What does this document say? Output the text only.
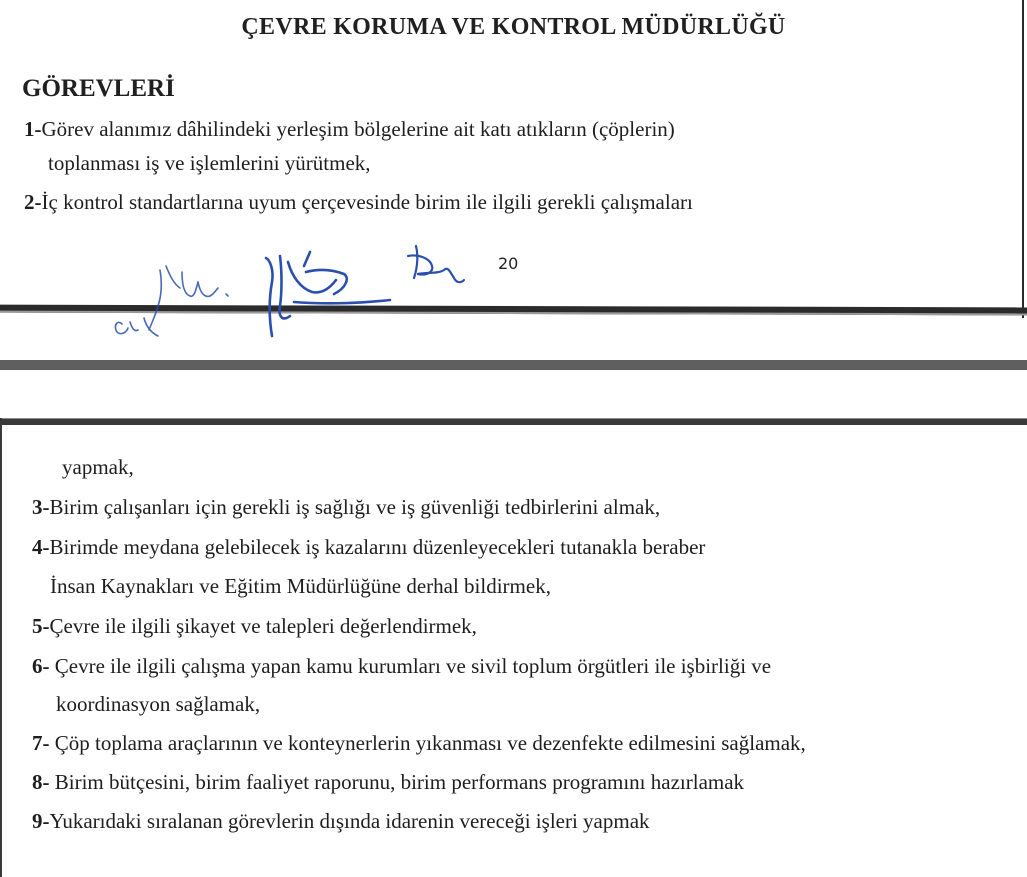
ÇEVRE KORUMA VE KONTROL MÜDÜRLÜĞÜ
GÖREVLERİ
1-Görev alanımız dâhilindeki yerleşim bölgelerine ait katı atıkların (çöplerin)
toplanması iş ve işlemlerini yürütmek,
2-İç kontrol standartlarına uyum çerçevesinde birim ile ilgili gerekli çalışmaları
20
yapmak,
3-Birim çalışanları için gerekli iş sağlığı ve iş güvenliği tedbirlerini almak,
4-Birimde meydana gelebilecek iş kazalarını düzenleyecekleri tutanakla beraber
İnsan Kaynakları ve Eğitim Müdürlüğüne derhal bildirmek,
5-Çevre ile ilgili şikayet ve talepleri değerlendirmek,
6- Çevre ile ilgili çalışma yapan kamu kurumları ve sivil toplum örgütleri ile işbirliği ve
koordinasyon sağlamak,
7- Çöp toplama araçlarının ve konteynerlerin yıkanması ve dezenfekte edilmesini sağlamak,
8- Birim bütçesini, birim faaliyet raporunu, birim performans programını hazırlamak
9-Yukarıdaki sıralanan görevlerin dışında idarenin vereceği işleri yapmak
